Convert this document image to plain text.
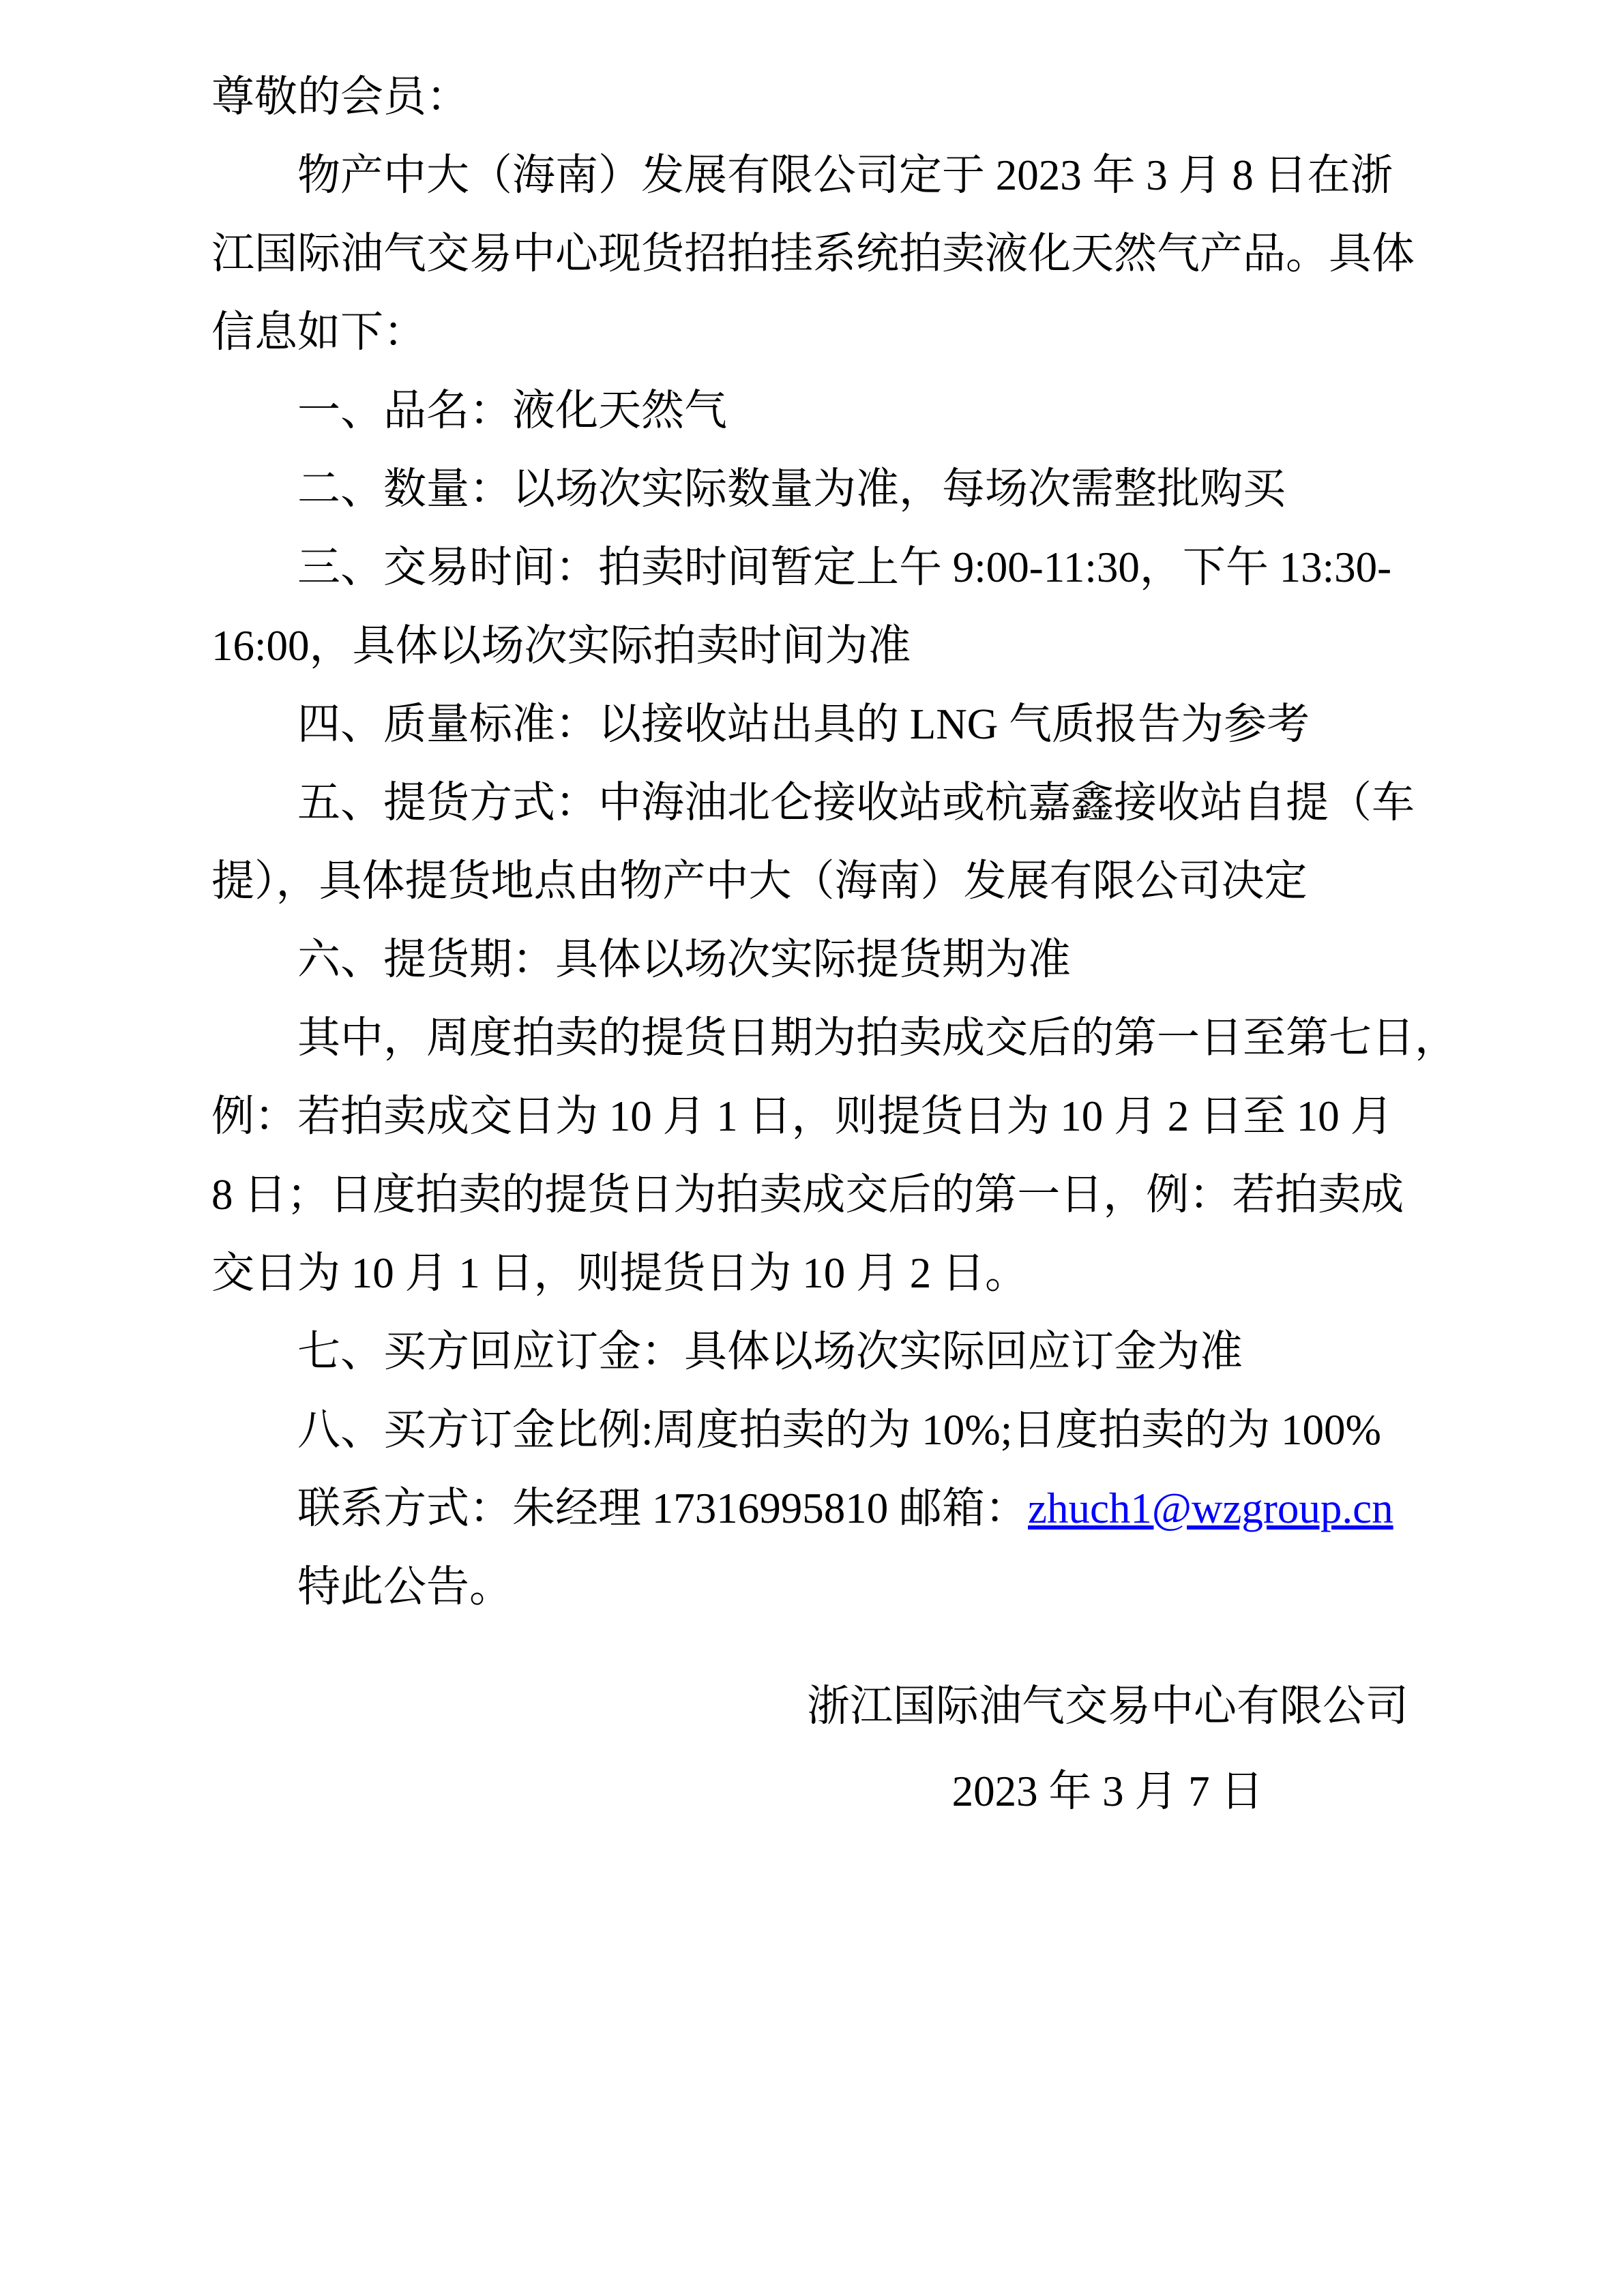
尊敬的会员：
物产中大（海南）发展有限公司定于 2023 年 3 月 8 日在浙
江国际油气交易中心现货招拍挂系统拍卖液化天然气产品。具体
信息如下：
一、品名：液化天然气
二、数量：以场次实际数量为准，每场次需整批购买
三、交易时间：拍卖时间暂定上午 9:00-11:30，下午 13:30-
16:00，具体以场次实际拍卖时间为准
四、质量标准：以接收站出具的 LNG 气质报告为参考
五、提货方式：中海油北仑接收站或杭嘉鑫接收站自提（车
提），具体提货地点由物产中大（海南）发展有限公司决定
六、提货期：具体以场次实际提货期为准
其中，周度拍卖的提货日期为拍卖成交后的第一日至第七日，
例：若拍卖成交日为 10 月 1 日，则提货日为 10 月 2 日至 10 月
8 日；日度拍卖的提货日为拍卖成交后的第一日，例：若拍卖成
交日为 10 月 1 日，则提货日为 10 月 2 日。
七、买方回应订金：具体以场次实际回应订金为准
八、买方订金比例:周度拍卖的为 10%;日度拍卖的为 100%
联系方式：朱经理 17316995810 邮箱：zhuch1@wzgroup.cn
特此公告。
浙江国际油气交易中心有限公司
2023 年 3 月 7 日
